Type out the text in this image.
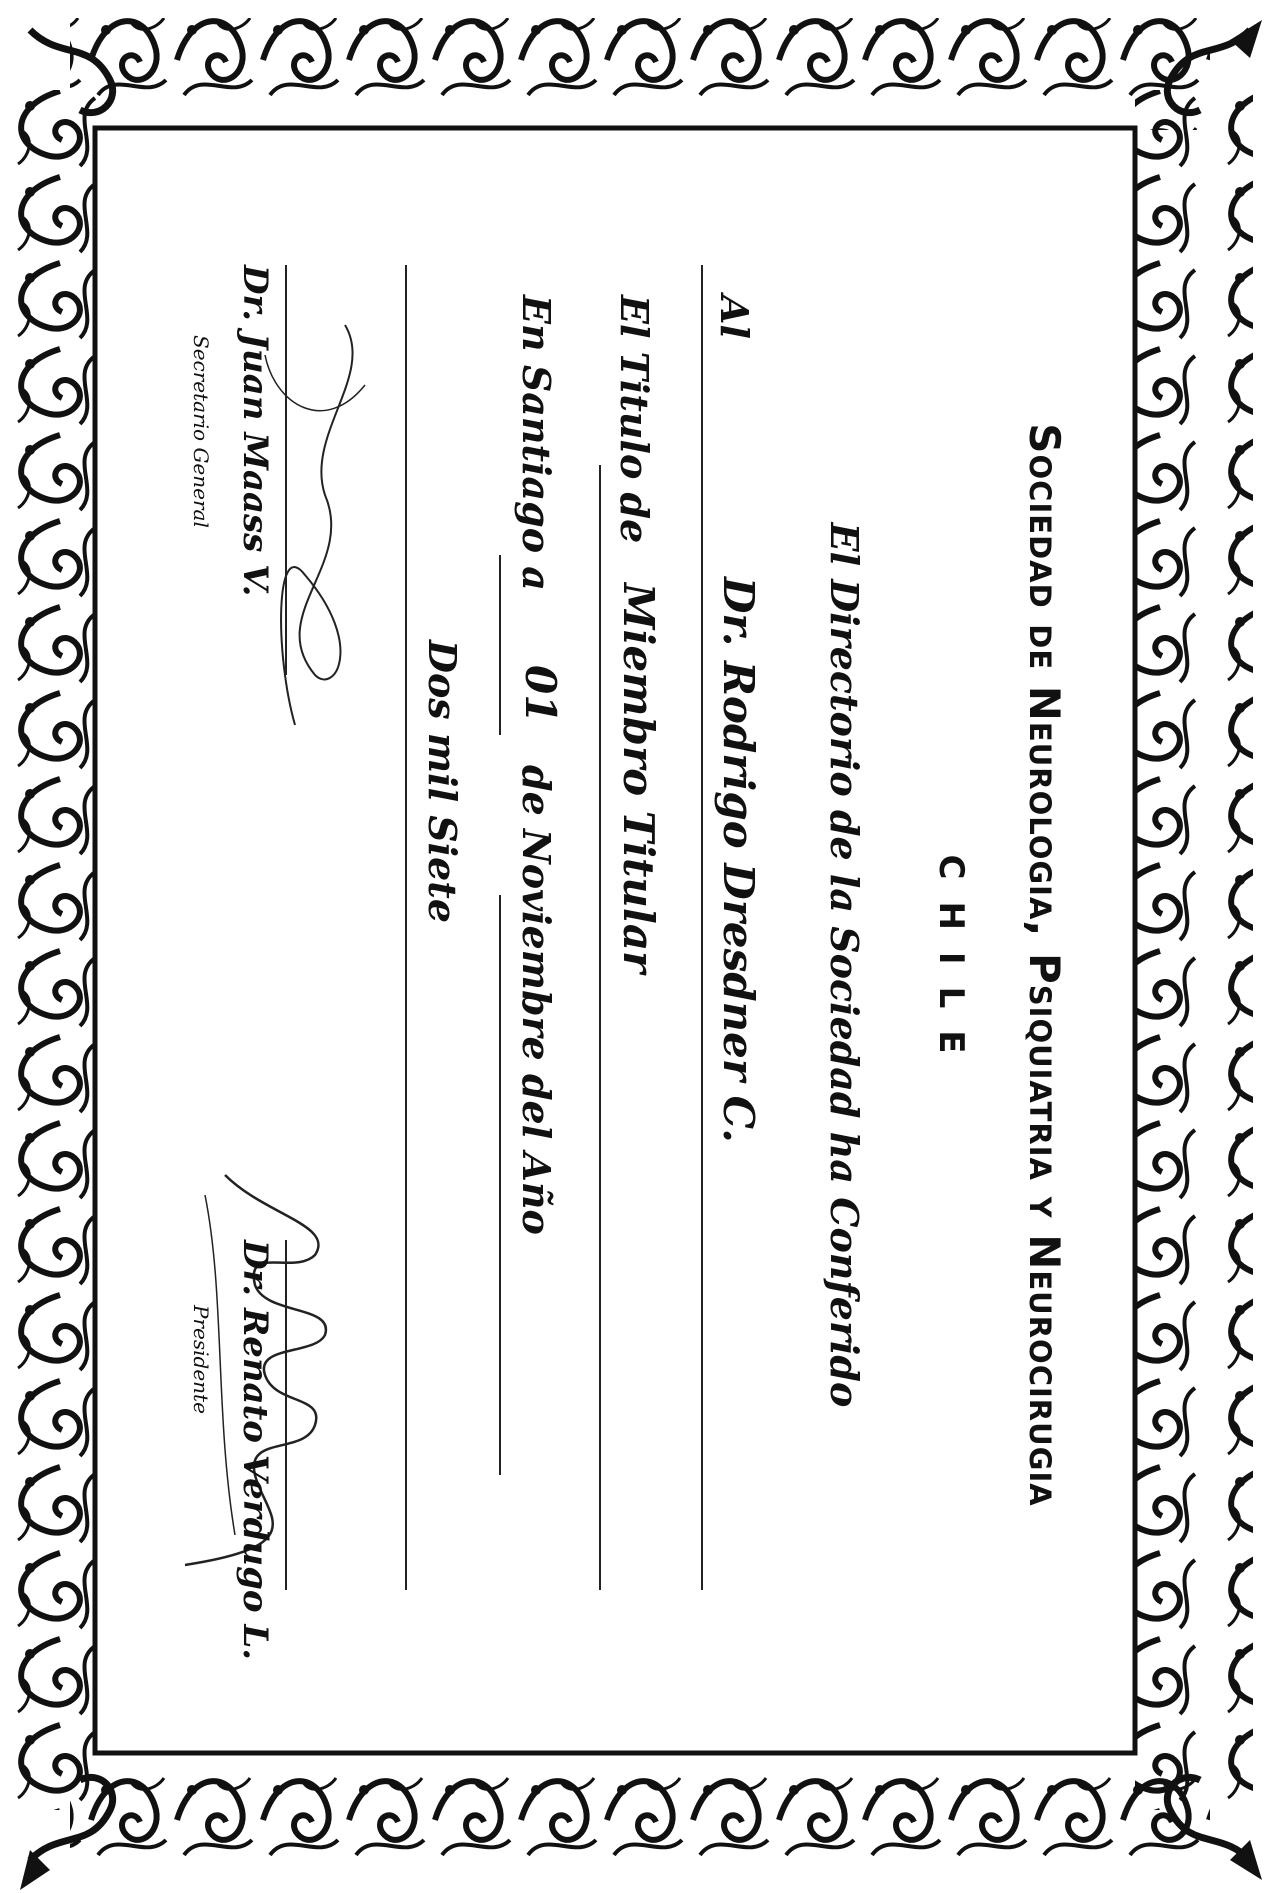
Sociedad de Neurologia, Psiquiatria y Neurocirugia
CHILE
El Directorio de la Sociedad ha Conferido
Al
Dr. Rodrigo Dresdner C.
El Titulo de
Miembro Titular
En Santiago a
01
de Noviembre del Año
Dos mil Siete
Dr. Juan Maass V.
Secretario General
Dr. Renato Verdugo L.
Presidente
